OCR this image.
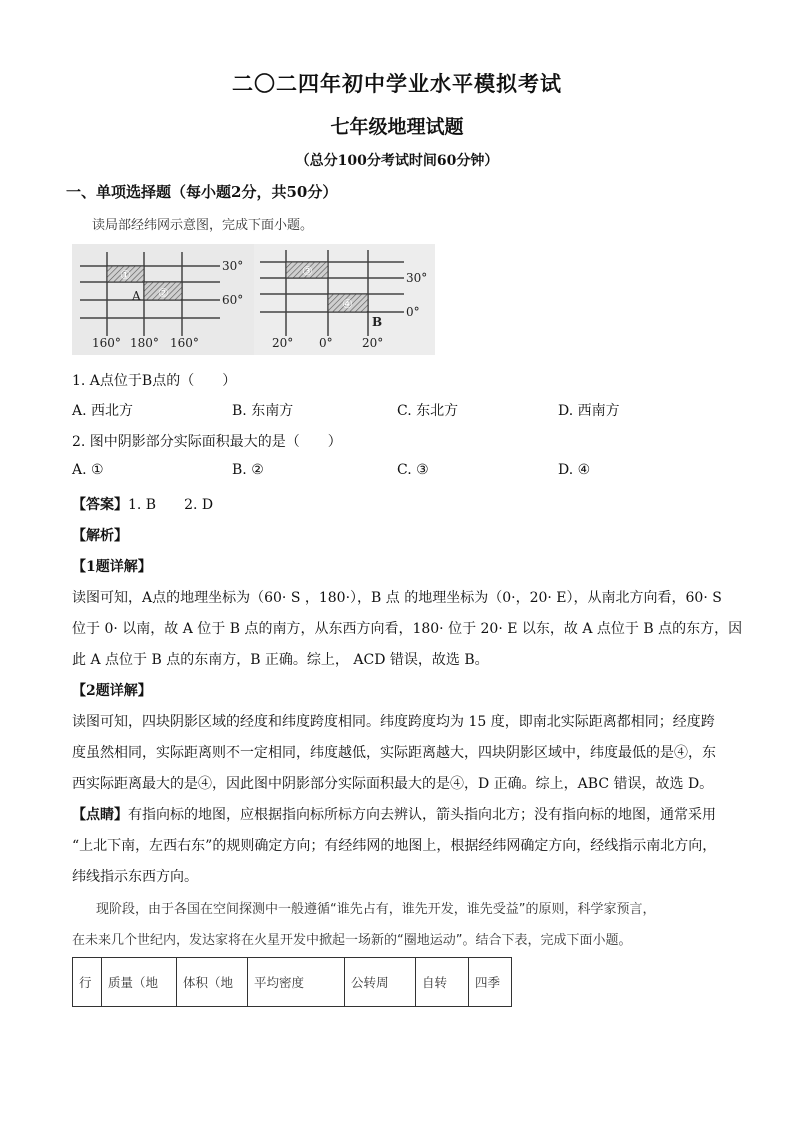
二〇二四年初中学业水平模拟考试
七年级地理试题
（总分100分考试时间60分钟）
一、单项选择题（每小题2分，共50分）
读局部经纬网示意图，完成下面小题。
①
②
A
30°
60°
160° 180° 160°
③
④
B
30°
0°
20° 0° 20°
1. A点位于B点的（　　）
A. 西北方	B. 东南方	C. 东北方	D. 西南方
2. 图中阴影部分实际面积最大的是（　　）
A. ①	B. ②	C. ③	D. ④
【答案】1. B　　2. D
【解析】
【1题详解】
读图可知，A点的地理坐标为（60· S ，180·），B 点 的地理坐标为（0·，20· E），从南北方向看，60· S
位于 0· 以南，故 A 位于 B 点的南方，从东西方向看，180· 位于 20· E 以东，故 A 点位于 B 点的东方，因
此 A 点位于 B 点的东南方，B 正确。综上， ACD 错误，故选 B。
【2题详解】
读图可知，四块阴影区域的经度和纬度跨度相同。纬度跨度均为 15 度，即南北实际距离都相同；经度跨
度虽然相同，实际距离则不一定相同，纬度越低，实际距离越大，四块阴影区域中，纬度最低的是④，东
西实际距离最大的是④，因此图中阴影部分实际面积最大的是④，D 正确。综上，ABC 错误，故选 D。
【点睛】有指向标的地图，应根据指向标所标方向去辨认，箭头指向北方；没有指向标的地图，通常采用
“上北下南，左西右东”的规则确定方向；有经纬网的地图上，根据经纬网确定方向，经线指示南北方向，
纬线指示东西方向。
现阶段，由于各国在空间探测中一般遵循“谁先占有，谁先开发，谁先受益”的原则，科学家预言，
在未来几个世纪内，发达家将在火星开发中掀起一场新的“圈地运动”。结合下表，完成下面小题。
行	质量（地	体积（地	平均密度	公转周	自转	四季
